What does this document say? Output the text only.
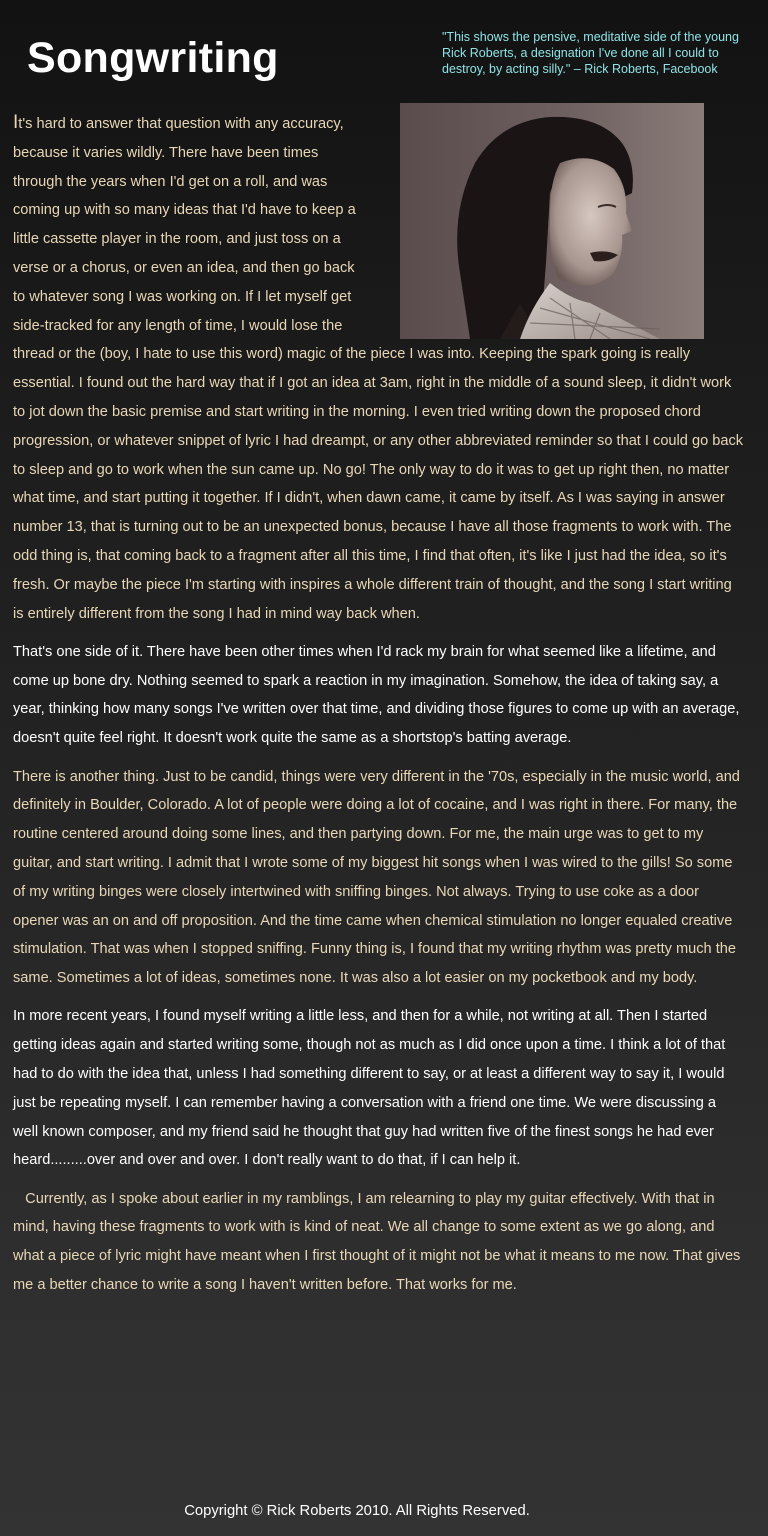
Songwriting	"This shows the pensive, meditative side of the young Rick Roberts, a designation I've done all I could to destroy, by acting silly." – Rick Roberts, Facebook

It's hard to answer that question with any accuracy, because it varies wildly. There have been times through the years when I'd get on a roll, and was coming up with so many ideas that I'd have to keep a little cassette player in the room, and just toss on a verse or a chorus, or even an idea, and then go back to whatever song I was working on. If I let myself get side-tracked for any length of time, I would lose the thread or the (boy, I hate to use this word) magic of the piece I was into. Keeping the spark going is really essential. I found out the hard way that if I got an idea at 3am, right in the middle of a sound sleep, it didn't work to jot down the basic premise and start writing in the morning. I even tried writing down the proposed chord progression, or whatever snippet of lyric I had dreampt, or any other abbreviated reminder so that I could go back to sleep and go to work when the sun came up. No go! The only way to do it was to get up right then, no matter what time, and start putting it together. If I didn't, when dawn came, it came by itself. As I was saying in answer number 13, that is turning out to be an unexpected bonus, because I have all those fragments to work with. The odd thing is, that coming back to a fragment after all this time, I find that often, it's like I just had the idea, so it's fresh. Or maybe the piece I'm starting with inspires a whole different train of thought, and the song I start writing is entirely different from the song I had in mind way back when.

That's one side of it. There have been other times when I'd rack my brain for what seemed like a lifetime, and come up bone dry. Nothing seemed to spark a reaction in my imagination. Somehow, the idea of taking say, a year, thinking how many songs I've written over that time, and dividing those figures to come up with an average, doesn't quite feel right. It doesn't work quite the same as a shortstop's batting average.

There is another thing. Just to be candid, things were very different in the '70s, especially in the music world, and definitely in Boulder, Colorado. A lot of people were doing a lot of cocaine, and I was right in there. For many, the routine centered around doing some lines, and then partying down. For me, the main urge was to get to my guitar, and start writing. I admit that I wrote some of my biggest hit songs when I was wired to the gills! So some of my writing binges were closely intertwined with sniffing binges. Not always. Trying to use coke as a door opener was an on and off proposition. And the time came when chemical stimulation no longer equaled creative stimulation. That was when I stopped sniffing. Funny thing is, I found that my writing rhythm was pretty much the same. Sometimes a lot of ideas, sometimes none. It was also a lot easier on my pocketbook and my body.

In more recent years, I found myself writing a little less, and then for a while, not writing at all. Then I started getting ideas again and started writing some, though not as much as I did once upon a time. I think a lot of that had to do with the idea that, unless I had something different to say, or at least a different way to say it, I would just be repeating myself. I can remember having a conversation with a friend one time. We were discussing a well known composer, and my friend said he thought that guy had written five of the finest songs he had ever heard.........over and over and over. I don't really want to do that, if I can help it.

Currently, as I spoke about earlier in my ramblings, I am relearning to play my guitar effectively. With that in mind, having these fragments to work with is kind of neat. We all change to some extent as we go along, and what a piece of lyric might have meant when I first thought of it might not be what it means to me now. That gives me a better chance to write a song I haven't written before. That works for me.

Copyright © Rick Roberts 2010. All Rights Reserved.
